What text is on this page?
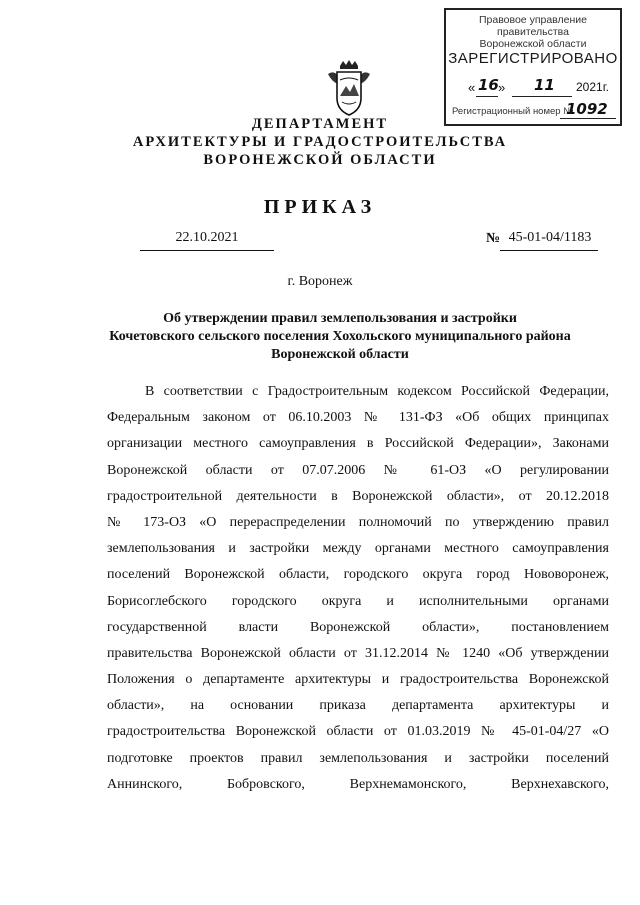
Правовое управление правительства
Воронежской области
ЗАРЕГИСТРИРОВАНО
« 16 » 11 2021г.
Регистрационный номер №
1092
ДЕПАРТАМЕНТ
АРХИТЕКТУРЫ И ГРАДОСТРОИТЕЛЬСТВА
ВОРОНЕЖСКОЙ ОБЛАСТИ
ПРИКАЗ
22.10.2021	№ 45-01-04/1183
г. Воронеж
Об утверждении правил землепользования и застройки
Кочетовского сельского поселения Хохольского муниципального района
Воронежской области
В соответствии с Градостроительным кодексом Российской Федерации,
Федеральным законом от 06.10.2003 № 131-ФЗ «Об общих принципах
организации местного самоуправления в Российской Федерации», Законами
Воронежской области от 07.07.2006 № 61-ОЗ «О регулировании
градостроительной деятельности в Воронежской области», от 20.12.2018
№ 173-ОЗ «О перераспределении полномочий по утверждению правил
землепользования и застройки между органами местного самоуправления
поселений Воронежской области, городского округа город Нововоронеж,
Борисоглебского городского округа и исполнительными органами
государственной власти Воронежской области», постановлением
правительства Воронежской области от 31.12.2014 № 1240 «Об утверждении
Положения о департаменте архитектуры и градостроительства Воронежской
области», на основании приказа департамента архитектуры и
градостроительства Воронежской области от 01.03.2019 № 45-01-04/27 «О
подготовке проектов правил землепользования и застройки поселений
Аннинского, Бобровского, Верхнемамонского, Верхнехавского,
